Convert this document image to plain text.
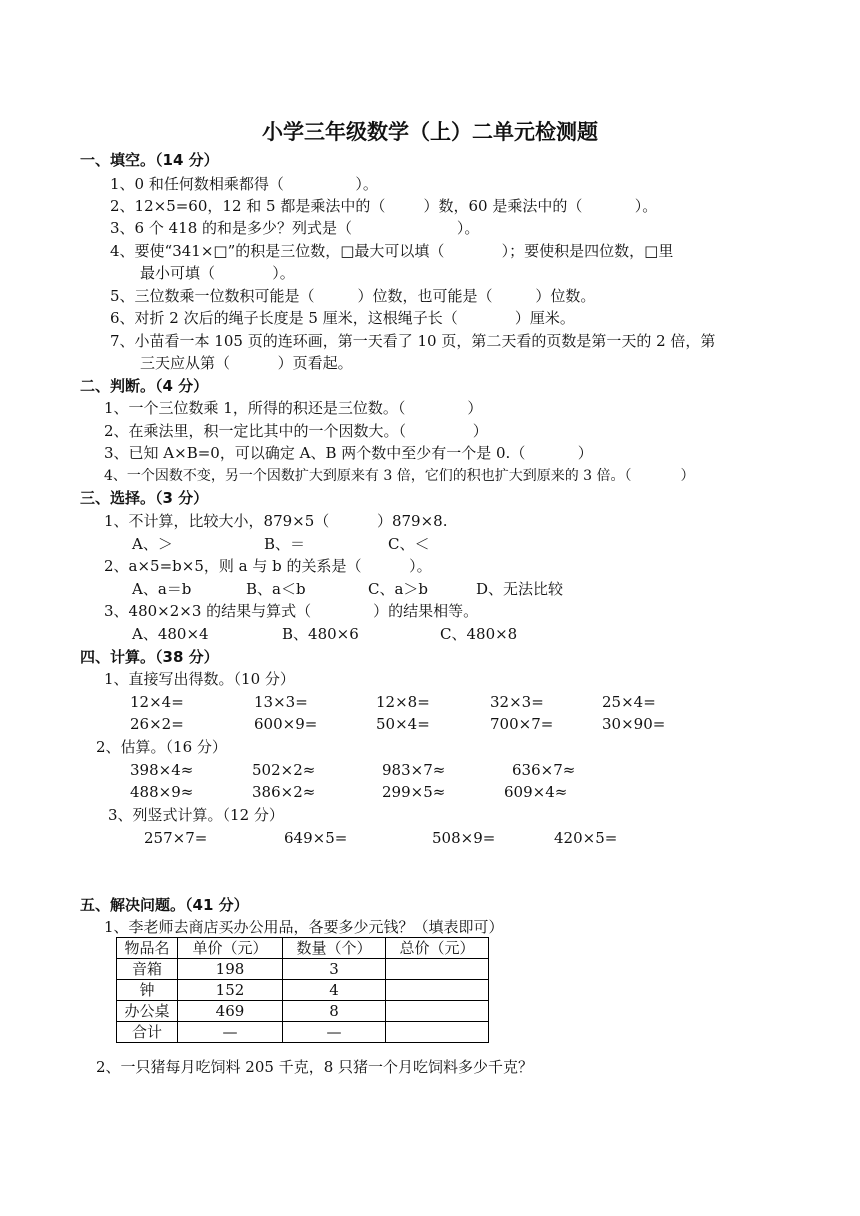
小学三年级数学（上）二单元检测题
一、填空。（14 分）
1、0 和任何数相乘都得（               ）。
2、12×5=60，12 和 5 都是乘法中的（        ）数，60 是乘法中的（           ）。
3、6 个 418 的和是多少？列式是（                      ）。
4、要使“341×□”的积是三位数，□最大可以填（            ）；要使积是四位数，□里
最小可填（            ）。
5、三位数乘一位数积可能是（         ）位数，也可能是（         ）位数。
6、对折 2 次后的绳子长度是 5 厘米，这根绳子长（            ）厘米。
7、小苗看一本 105 页的连环画，第一天看了 10 页，第二天看的页数是第一天的 2 倍，第
三天应从第（          ）页看起。
二、判断。（4 分）
1、一个三位数乘 1，所得的积还是三位数。（             ）
2、在乘法里，积一定比其中的一个因数大。（              ）
3、已知 A×B=0，可以确定 A、B 两个数中至少有一个是 0.（           ）
4、一个因数不变，另一个因数扩大到原来有 3 倍，它们的积也扩大到原来的 3 倍。（           ）
三、选择。（3 分）
1、不计算，比较大小，879×5（          ）879×8.
A、＞	B、＝	C、＜
2、a×5=b×5，则 a 与 b 的关系是（          ）。
A、a＝b	B、a＜b	C、a＞b	D、无法比较
3、480×2×3 的结果与算式（             ）的结果相等。
A、480×4	B、480×6	C、480×8
四、计算。（38 分）
1、直接写出得数。（10 分）
12×4=	13×3=	12×8=	32×3=	25×4=
26×2=	600×9=	50×4=	700×7=	30×90=
2、估算。（16 分）
398×4≈	502×2≈	983×7≈	636×7≈
488×9≈	386×2≈	299×5≈	609×4≈
3、列竖式计算。（12 分）
257×7=	649×5=	508×9=	420×5=
五、解决问题。（41 分）
1、李老师去商店买办公用品，各要多少元钱？（填表即可）
物品名	单价（元）	数量（个）	总价（元）
音箱	198	3	
钟	152	4	
办公桌	469	8	
合计	—	—	
2、一只猪每月吃饲料 205 千克，8 只猪一个月吃饲料多少千克？
